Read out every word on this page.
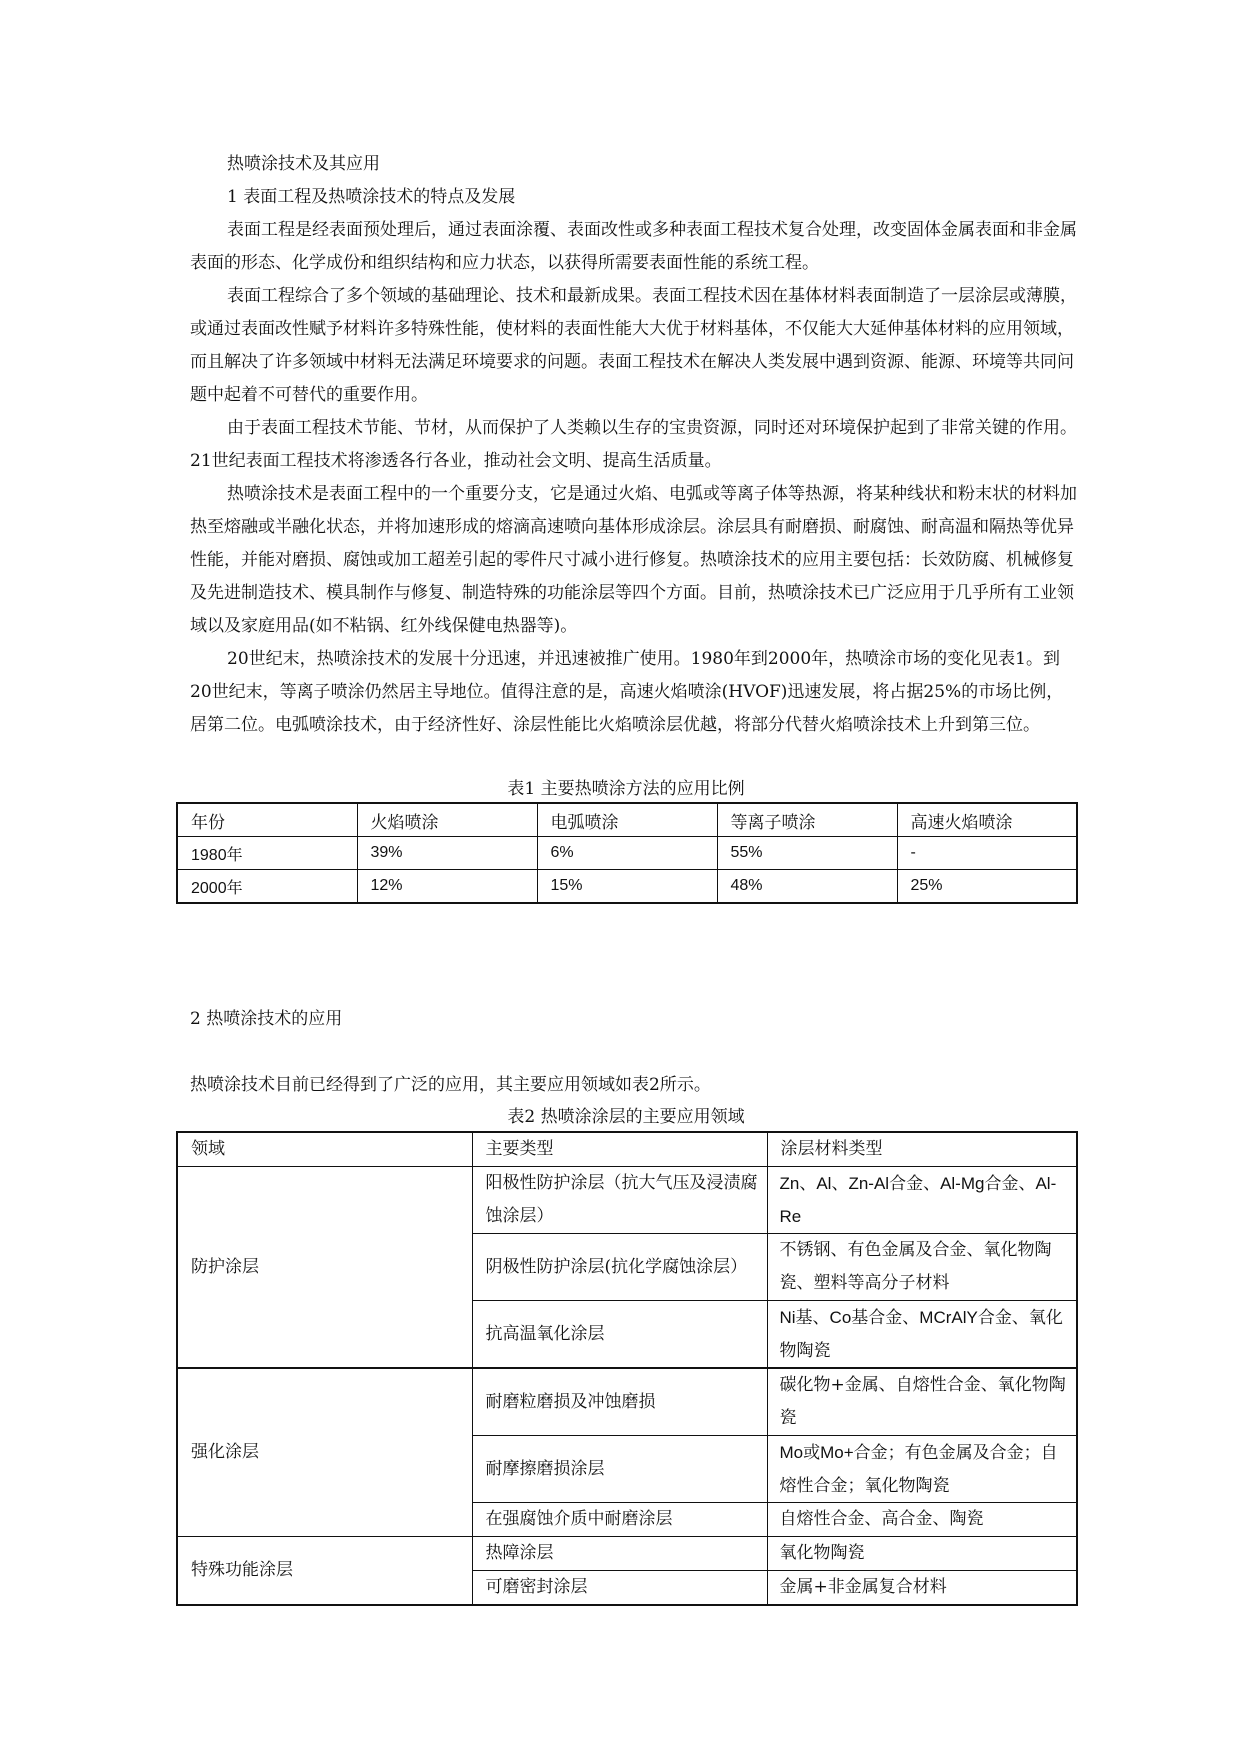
热喷涂技术及其应用
1 表面工程及热喷涂技术的特点及发展

表面工程是经表面预处理后，通过表面涂覆、表面改性或多种表面工程技术复合处理，改变固体金属表面和非金属表面的形态、化学成份和组织结构和应力状态，以获得所需要表面性能的系统工程。

表面工程综合了多个领域的基础理论、技术和最新成果。表面工程技术因在基体材料表面制造了一层涂层或薄膜，或通过表面改性赋予材料许多特殊性能，使材料的表面性能大大优于材料基体，不仅能大大延伸基体材料的应用领域，而且解决了许多领域中材料无法满足环境要求的问题。表面工程技术在解决人类发展中遇到资源、能源、环境等共同问题中起着不可替代的重要作用。

由于表面工程技术节能、节材，从而保护了人类赖以生存的宝贵资源，同时还对环境保护起到了非常关键的作用。21世纪表面工程技术将渗透各行各业，推动社会文明、提高生活质量。

热喷涂技术是表面工程中的一个重要分支，它是通过火焰、电弧或等离子体等热源，将某种线状和粉末状的材料加热至熔融或半融化状态，并将加速形成的熔滴高速喷向基体形成涂层。涂层具有耐磨损、耐腐蚀、耐高温和隔热等优异性能，并能对磨损、腐蚀或加工超差引起的零件尺寸减小进行修复。热喷涂技术的应用主要包括：长效防腐、机械修复及先进制造技术、模具制作与修复、制造特殊的功能涂层等四个方面。目前，热喷涂技术已广泛应用于几乎所有工业领域以及家庭用品(如不粘锅、红外线保健电热器等)。

20世纪末，热喷涂技术的发展十分迅速，并迅速被推广使用。1980年到2000年，热喷涂市场的变化见表1。到20世纪末，等离子喷涂仍然居主导地位。值得注意的是，高速火焰喷涂(HVOF)迅速发展，将占据25%的市场比例，居第二位。电弧喷涂技术，由于经济性好、涂层性能比火焰喷涂层优越，将部分代替火焰喷涂技术上升到第三位。

表1 主要热喷涂方法的应用比例
年份	火焰喷涂	电弧喷涂	等离子喷涂	高速火焰喷涂
1980年	39%	6%	55%	-
2000年	12%	15%	48%	25%
2 热喷涂技术的应用
热喷涂技术目前已经得到了广泛的应用，其主要应用领域如表2所示。
表2 热喷涂涂层的主要应用领域
领域	主要类型	涂层材料类型
防护涂层	阳极性防护涂层（抗大气压及浸渍腐蚀涂层）	Zn、Al、Zn-Al合金、Al-Mg合金、Al-Re
	阴极性防护涂层(抗化学腐蚀涂层）	不锈钢、有色金属及合金、氧化物陶瓷、塑料等高分子材料
	抗高温氧化涂层	Ni基、Co基合金、MCrAlY合金、氧化物陶瓷
强化涂层	耐磨粒磨损及冲蚀磨损	碳化物+金属、自熔性合金、氧化物陶瓷
	耐摩擦磨损涂层	Mo或Mo+合金；有色金属及合金；自熔性合金；氧化物陶瓷
	在强腐蚀介质中耐磨涂层	自熔性合金、高合金、陶瓷
特殊功能涂层	热障涂层	氧化物陶瓷
	可磨密封涂层	金属+非金属复合材料
